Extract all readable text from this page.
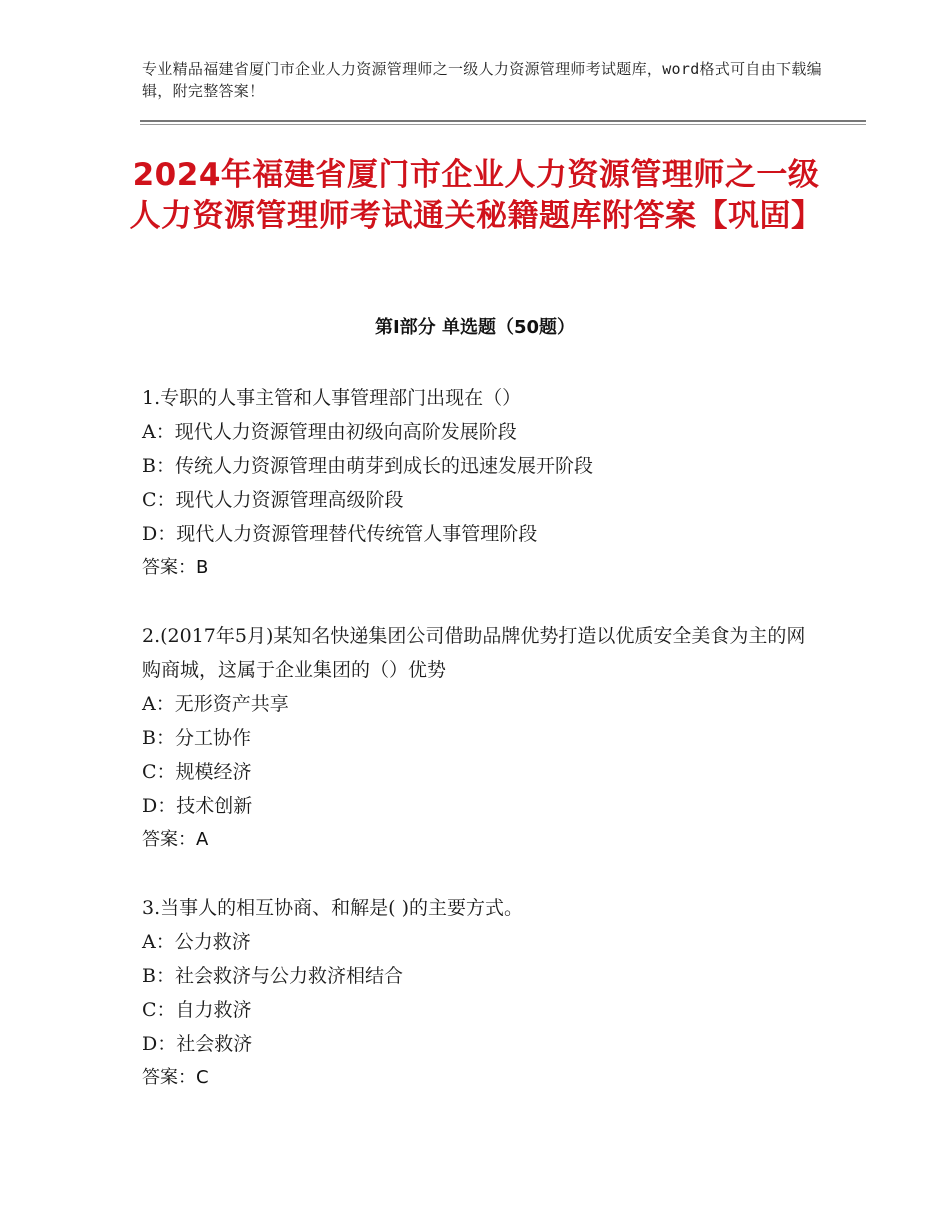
专业精品福建省厦门市企业人力资源管理师之一级人力资源管理师考试题库，word格式可自由下载编辑，附完整答案！
2024年福建省厦门市企业人力资源管理师之一级人力资源管理师考试通关秘籍题库附答案【巩固】
第Ⅰ部分 单选题（50题）
1.专职的人事主管和人事管理部门出现在（）
A：现代人力资源管理由初级向高阶发展阶段
B：传统人力资源管理由萌芽到成长的迅速发展开阶段
C：现代人力资源管理高级阶段
D：现代人力资源管理替代传统管人事管理阶段
答案：B
2.(2017年5月)某知名快递集团公司借助品牌优势打造以优质安全美食为主的网购商城，这属于企业集团的（）优势
A：无形资产共享
B：分工协作
C：规模经济
D：技术创新
答案：A
3.当事人的相互协商、和解是( )的主要方式。
A：公力救济
B：社会救济与公力救济相结合
C：自力救济
D：社会救济
答案：C
